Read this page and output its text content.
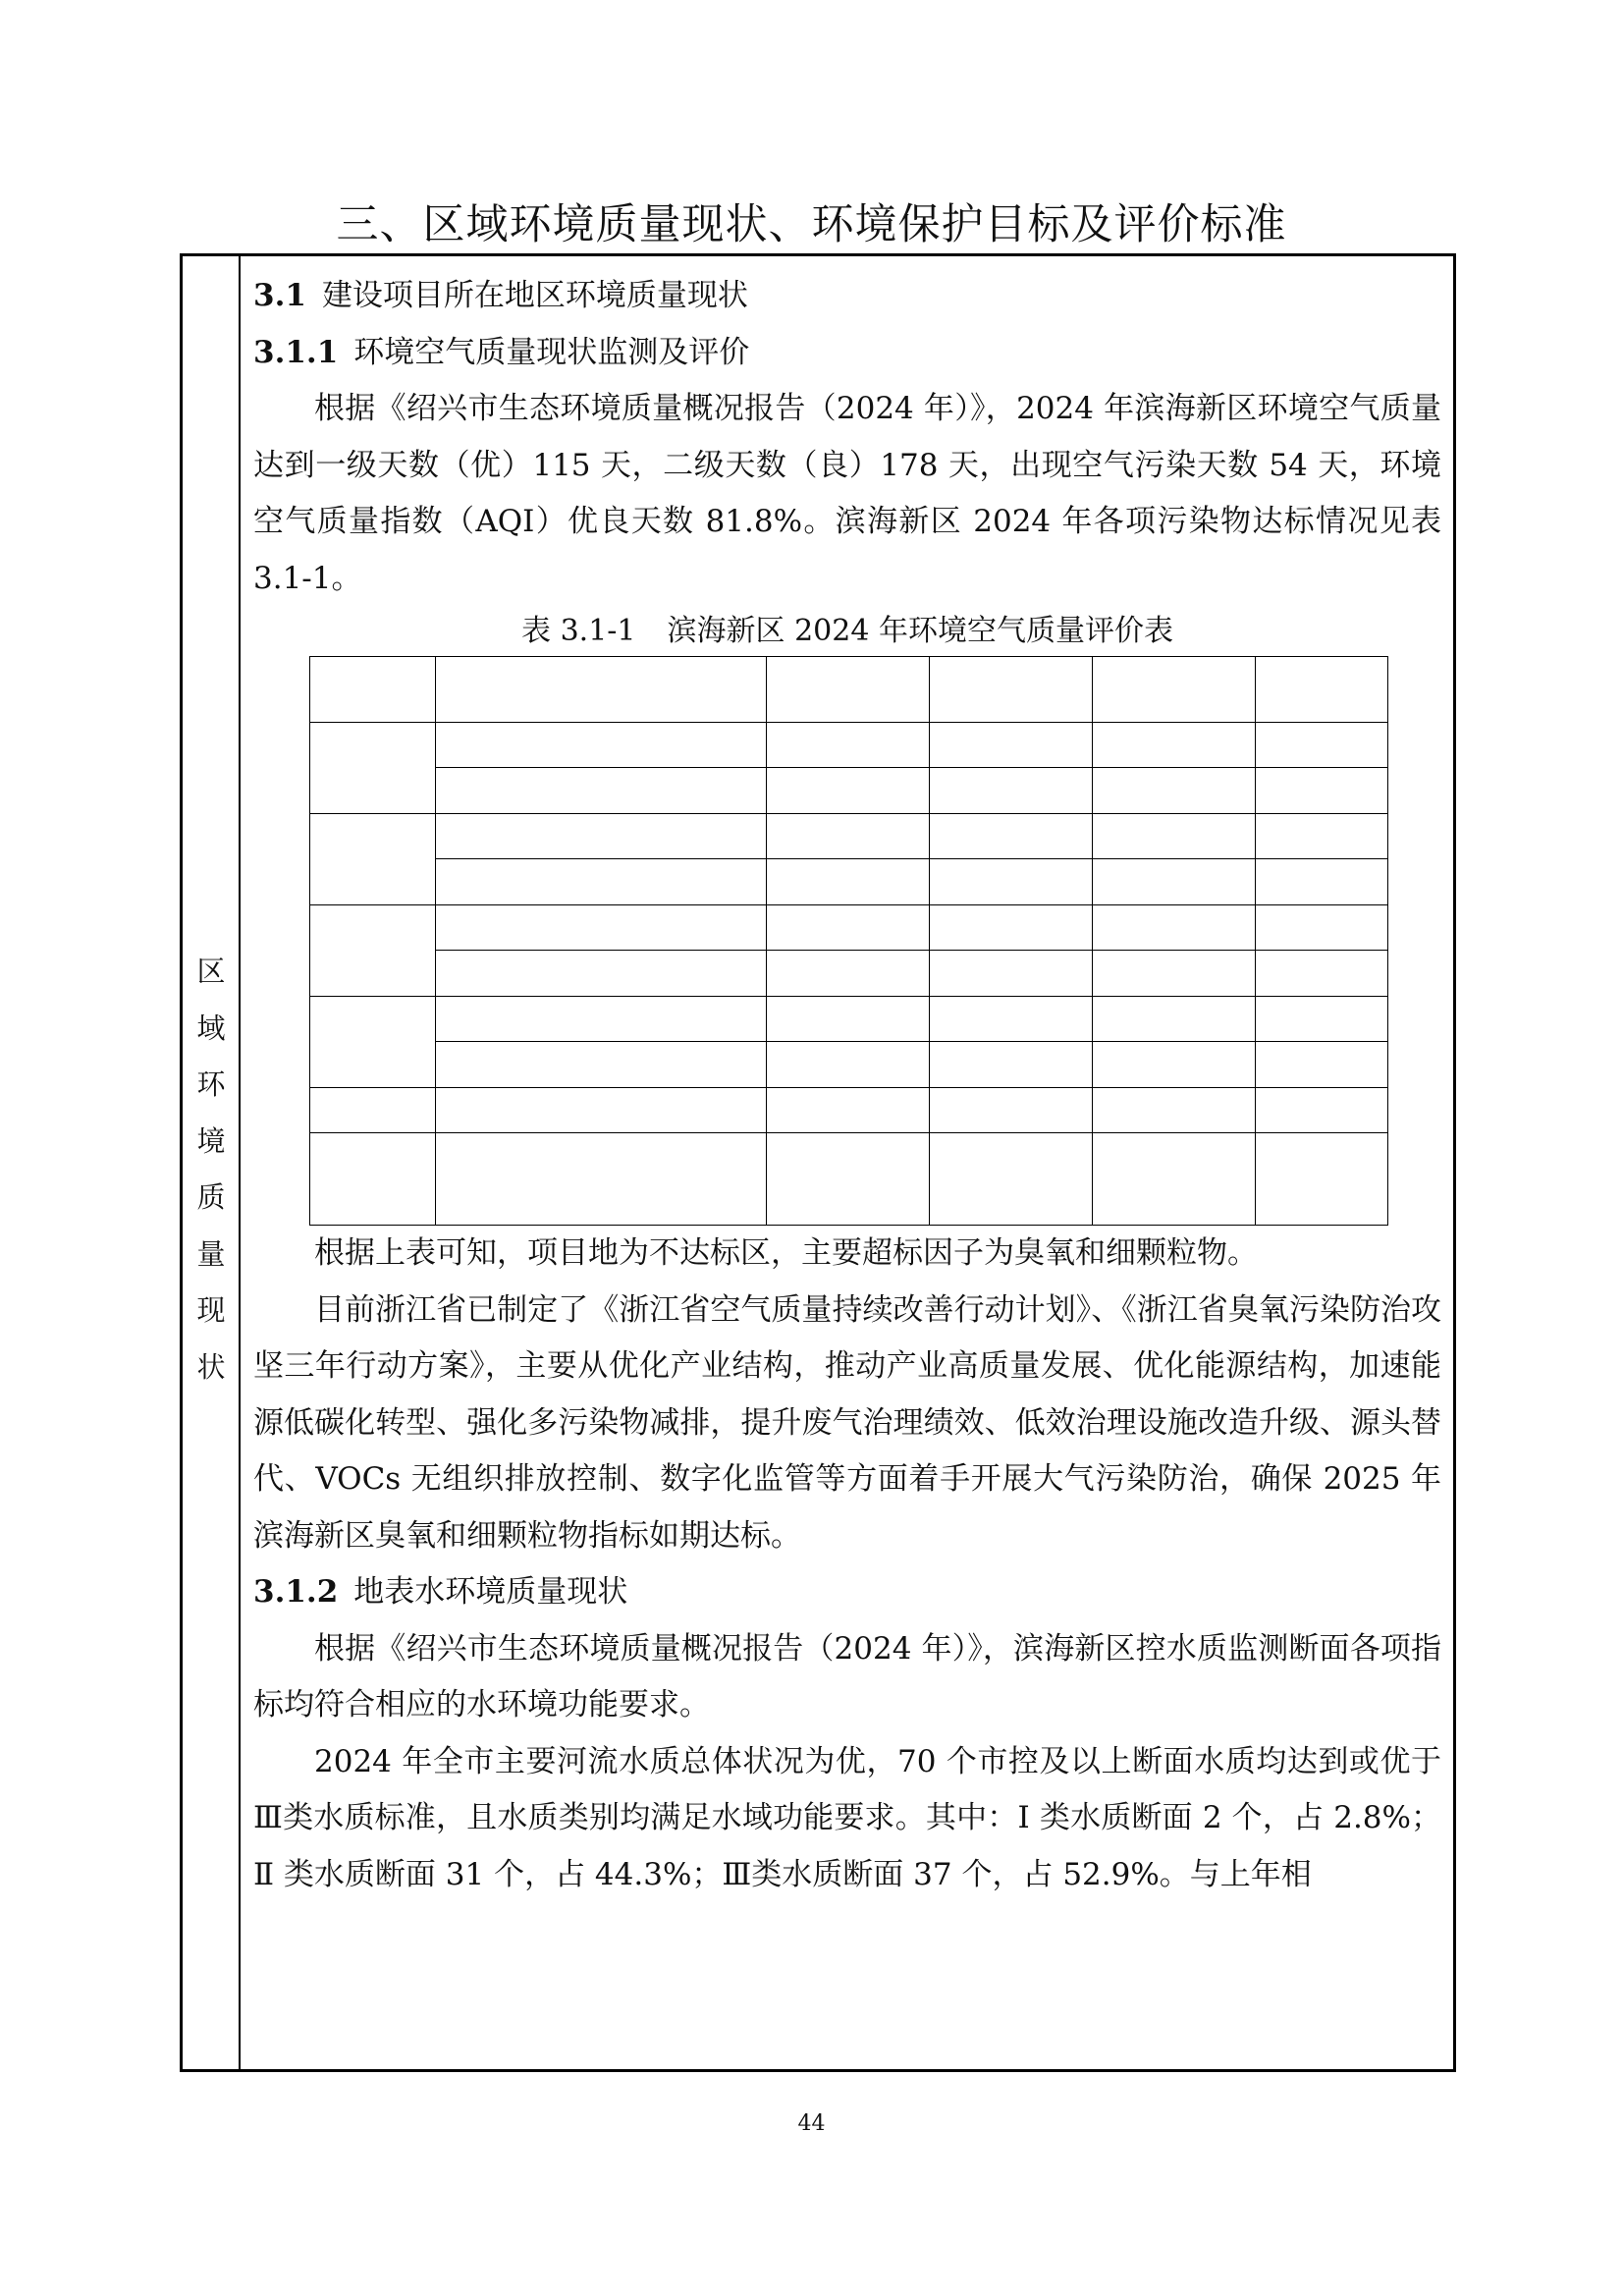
三、区域环境质量现状、环境保护目标及评价标准
区
域
环
境
质
量
现
状
3.1 建设项目所在地区环境质量现状
3.1.1 环境空气质量现状监测及评价

根据《绍兴市生态环境质量概况报告（2024 年）》，2024 年滨海新区环境空气质量达到一级天数（优）115 天，二级天数（良）178 天，出现空气污染天数 54 天，环境空气质量指数（AQI）优良天数 81.8%。滨海新区 2024 年各项污染物达标情况见表 3.1-1。

表 3.1-1 滨海新区 2024 年环境空气质量评价表

根据上表可知，项目地为不达标区，主要超标因子为臭氧和细颗粒物。

目前浙江省已制定了《浙江省空气质量持续改善行动计划》、《浙江省臭氧污染防治攻坚三年行动方案》，主要从优化产业结构，推动产业高质量发展、优化能源结构，加速能源低碳化转型、强化多污染物减排，提升废气治理绩效、低效治理设施改造升级、源头替代、VOCs 无组织排放控制、数字化监管等方面着手开展大气污染防治，确保 2025 年滨海新区臭氧和细颗粒物指标如期达标。

3.1.2 地表水环境质量现状

根据《绍兴市生态环境质量概况报告（2024 年）》，滨海新区控水质监测断面各项指标均符合相应的水环境功能要求。

2024 年全市主要河流水质总体状况为优，70 个市控及以上断面水质均达到或优于Ⅲ类水质标准，且水质类别均满足水域功能要求。其中：Ⅰ 类水质断面 2 个，占 2.8%；Ⅱ 类水质断面 31 个，占 44.3%；Ⅲ类水质断面 37 个，占 52.9%。与上年相

44
